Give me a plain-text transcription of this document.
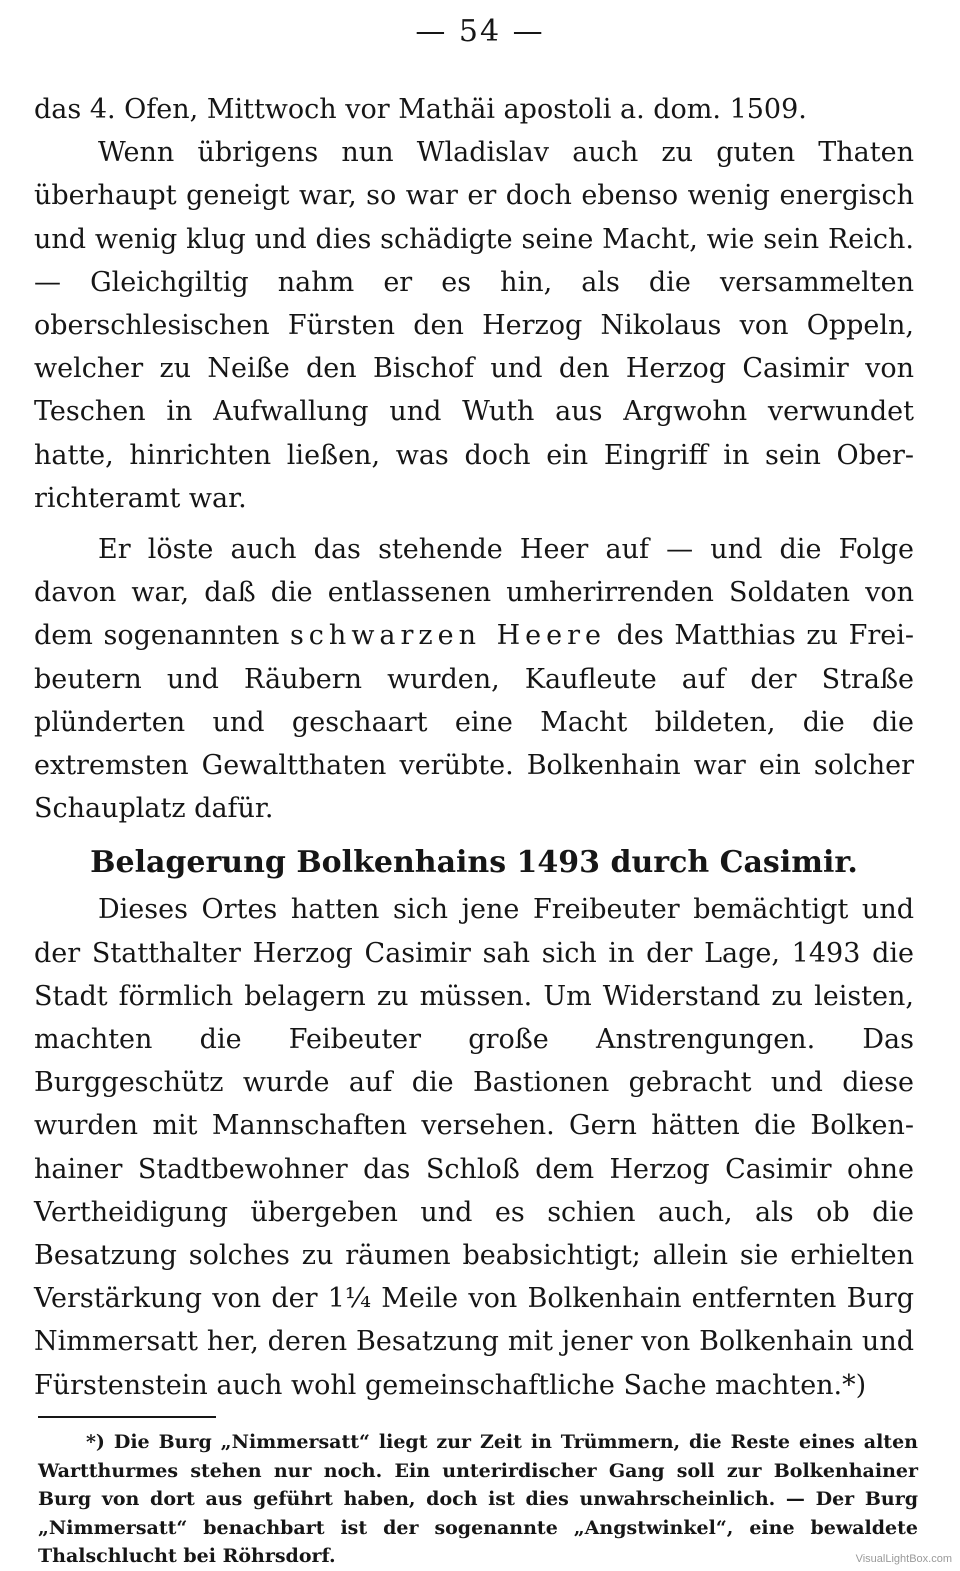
— 54 —

das 4. Ofen, Mittwoch vor Mathäi apostoli a. dom. 1509.

Wenn übrigens nun Wladislav auch zu guten Thaten überhaupt geneigt war, so war er doch ebenso wenig energisch und wenig klug und dies schädigte seine Macht, wie sein Reich. — Gleichgiltig nahm er es hin, als die versammelten oberschlesischen Fürsten den Herzog Nikolaus von Oppeln, welcher zu Neiße den Bischof und den Herzog Casimir von Teschen in Aufwallung und Wuth aus Argwohn verwundet hatte, hinrichten ließen, was doch ein Eingriff in sein Oberrichteramt war.

Er löste auch das stehende Heer auf — und die Folge davon war, daß die entlassenen umherirrenden Soldaten von dem sogenannten schwarzen Heere des Matthias zu Freibeutern und Räubern wurden, Kaufleute auf der Straße plünderten und geschaart eine Macht bildeten, die die extremsten Gewaltthaten verübte. Bolkenhain war ein solcher Schauplatz dafür.

Belagerung Bolkenhains 1493 durch Casimir.

Dieses Ortes hatten sich jene Freibeuter bemächtigt und der Statthalter Herzog Casimir sah sich in der Lage, 1493 die Stadt förmlich belagern zu müssen. Um Widerstand zu leisten, machten die Feibeuter große Anstrengungen. Das Burggeschütz wurde auf die Bastionen gebracht und diese wurden mit Mannschaften versehen. Gern hätten die Bolkenhainer Stadtbewohner das Schloß dem Herzog Casimir ohne Vertheidigung übergeben und es schien auch, als ob die Besatzung solches zu räumen beabsichtigt; allein sie erhielten Verstärkung von der 1¼ Meile von Bolkenhain entfernten Burg Nimmersatt her, deren Besatzung mit jener von Bolkenhain und Fürstenstein auch wohl gemeinschaftliche Sache machten.*)

*) Die Burg „Nimmersatt“ liegt zur Zeit in Trümmern, die Reste eines alten Wartthurmes stehen nur noch. Ein unterirdischer Gang soll zur Bolkenhainer Burg von dort aus geführt haben, doch ist dies unwahrscheinlich. — Der Burg „Nimmersatt“ benachbart ist der sogenannte „Angstwinkel“, eine bewaldete Thalschlucht bei Röhrsdorf.	VisualLightBox.com
